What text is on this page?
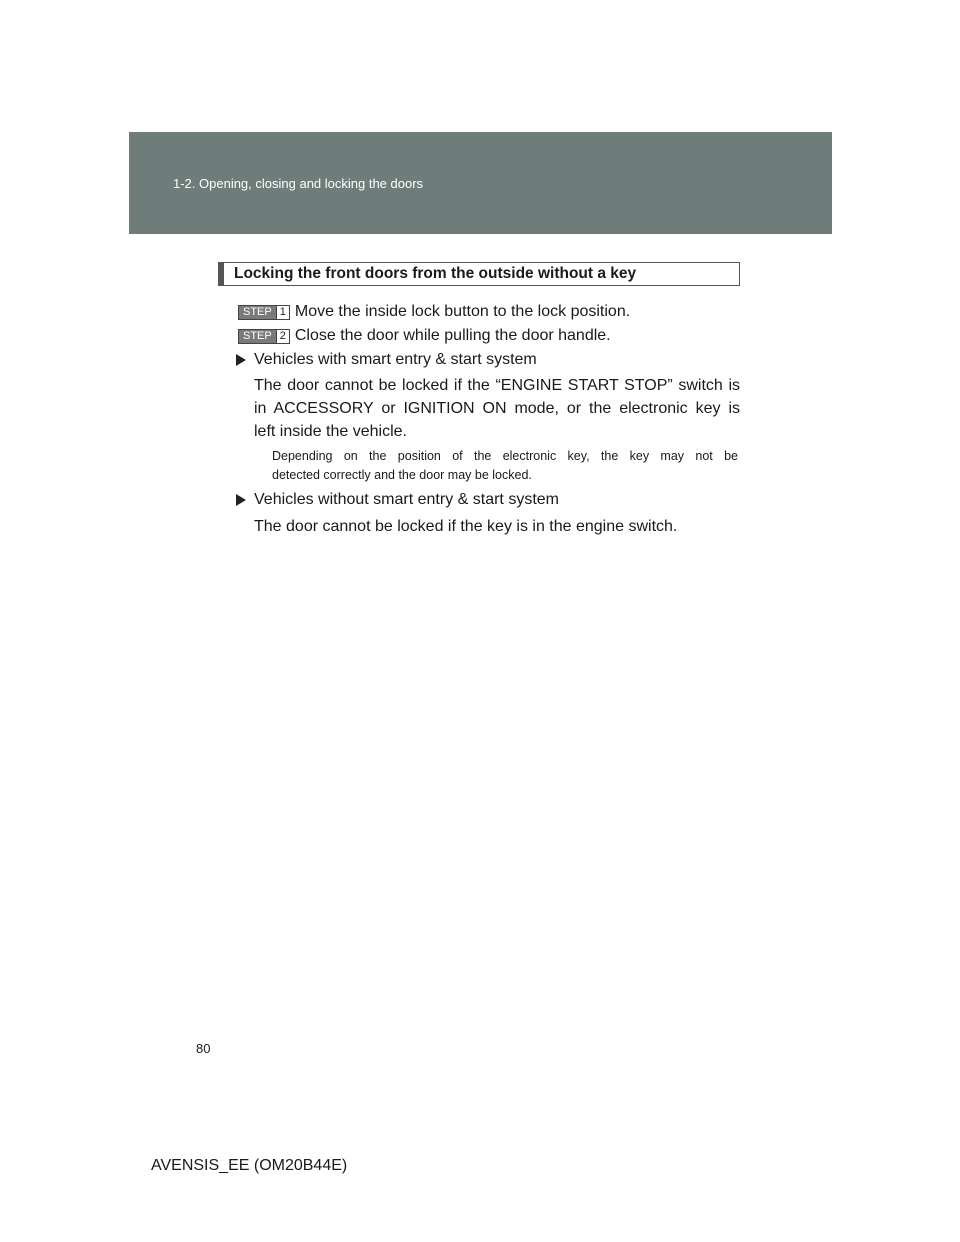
1-2. Opening, closing and locking the doors
Locking the front doors from the outside without a key
STEP 1 Move the inside lock button to the lock position.
STEP 2 Close the door while pulling the door handle.
Vehicles with smart entry & start system
The door cannot be locked if the “ENGINE START STOP” switch is
in ACCESSORY or IGNITION ON mode, or the electronic key is
left inside the vehicle.
Depending on the position of the electronic key, the key may not be
detected correctly and the door may be locked.
Vehicles without smart entry & start system
The door cannot be locked if the key is in the engine switch.
80
AVENSIS_EE (OM20B44E)
